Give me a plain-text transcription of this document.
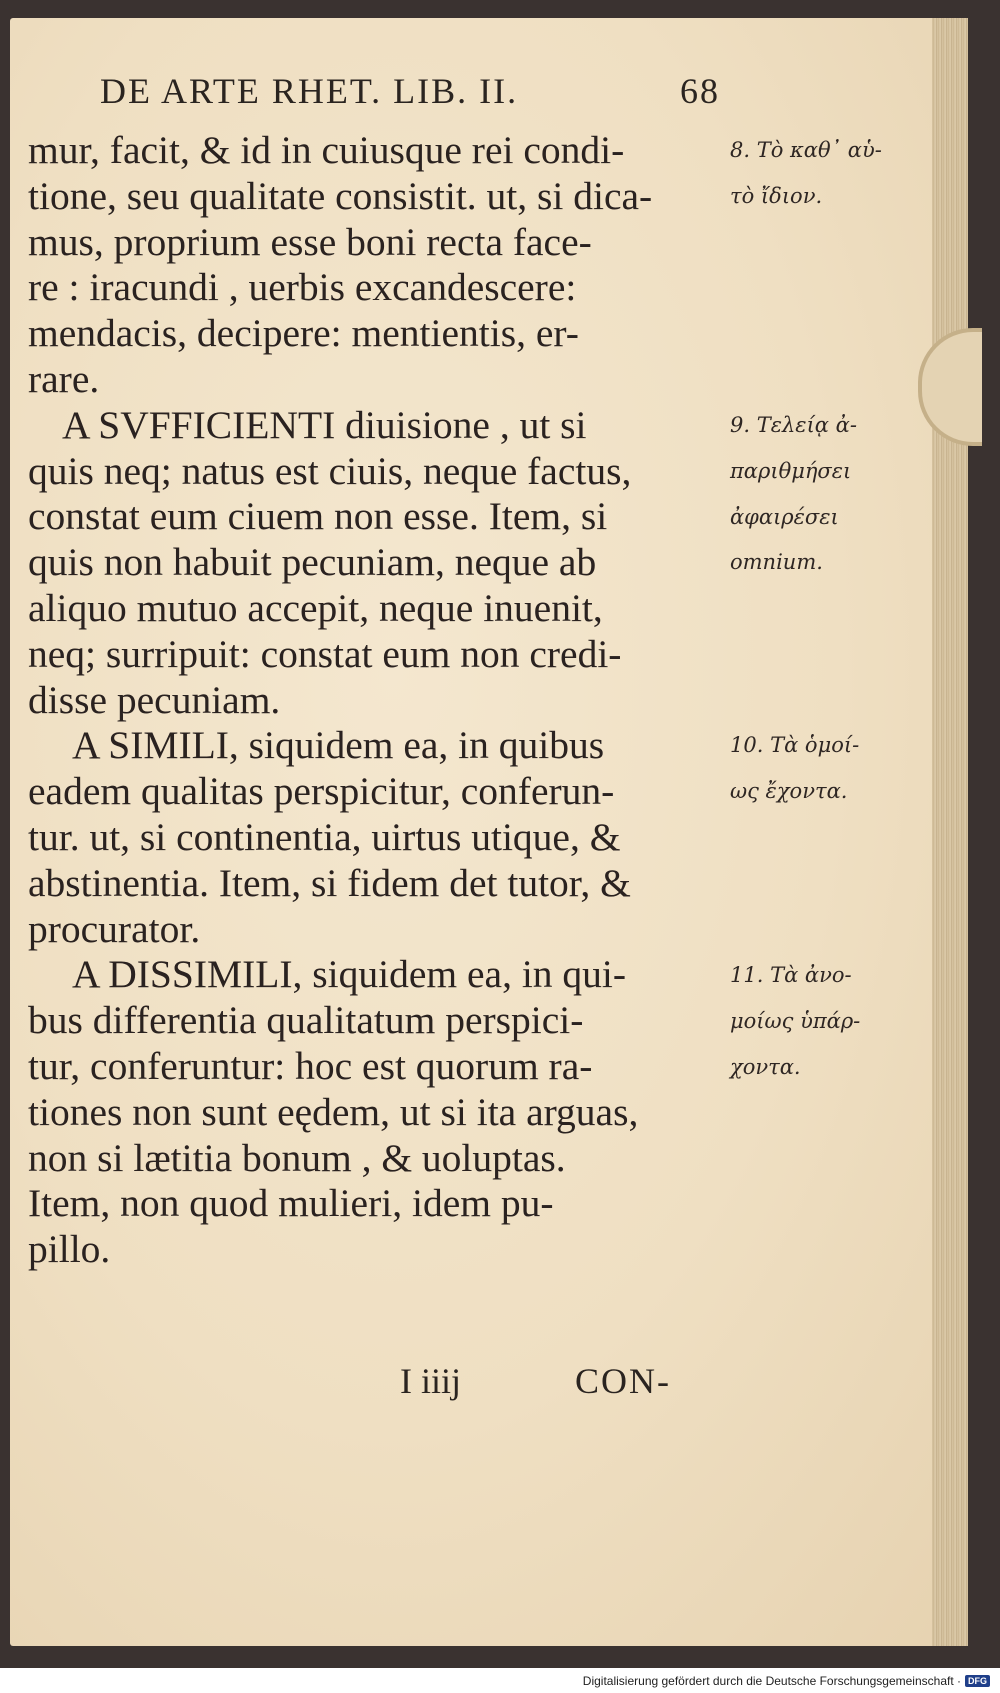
DE ARTE RHET. LIB. II.	68
mur, facit, & id in cuiusque rei condi-
tione, seu qualitate consistit. ut, si dica-
mus, proprium esse boni recta face-
re : iracundi , uerbis excandescere:
mendacis, decipere: mentientis, er-
rare.
A SVFFICIENTI diuisione , ut si
quis neq; natus est ciuis, neque factus,
constat eum ciuem non esse. Item, si
quis non habuit pecuniam, neque ab
aliquo mutuo accepit, neque inuenit,
neq; surripuit: constat eum non credi-
disse pecuniam.
A SIMILI, siquidem ea, in quibus
eadem qualitas perspicitur, conferun-
tur. ut, si continentia, uirtus utique, &
abstinentia. Item, si fidem det tutor, &
procurator.
A DISSIMILI, siquidem ea, in qui-
bus differentia qualitatum perspici-
tur, conferuntur: hoc est quorum ra-
tiones non sunt eędem, ut si ita arguas,
non si lætitia bonum , & uoluptas.
Item, non quod mulieri, idem pu-
pillo.
8. Τὸ καθ᾽ αὑ-
τὸ ἴδιον.
9. Τελείᾳ ἀ-
παριθμήσει
ἀφαιρέσει
omnium.
10. Τὰ ὁμοί-
ως ἔχοντα.
11. Τὰ ἀνο-
μοίως ὑπάρ-
χοντα.
I iiij	CON-
Digitalisierung gefördert durch die Deutsche Forschungsgemeinschaft · DFG
